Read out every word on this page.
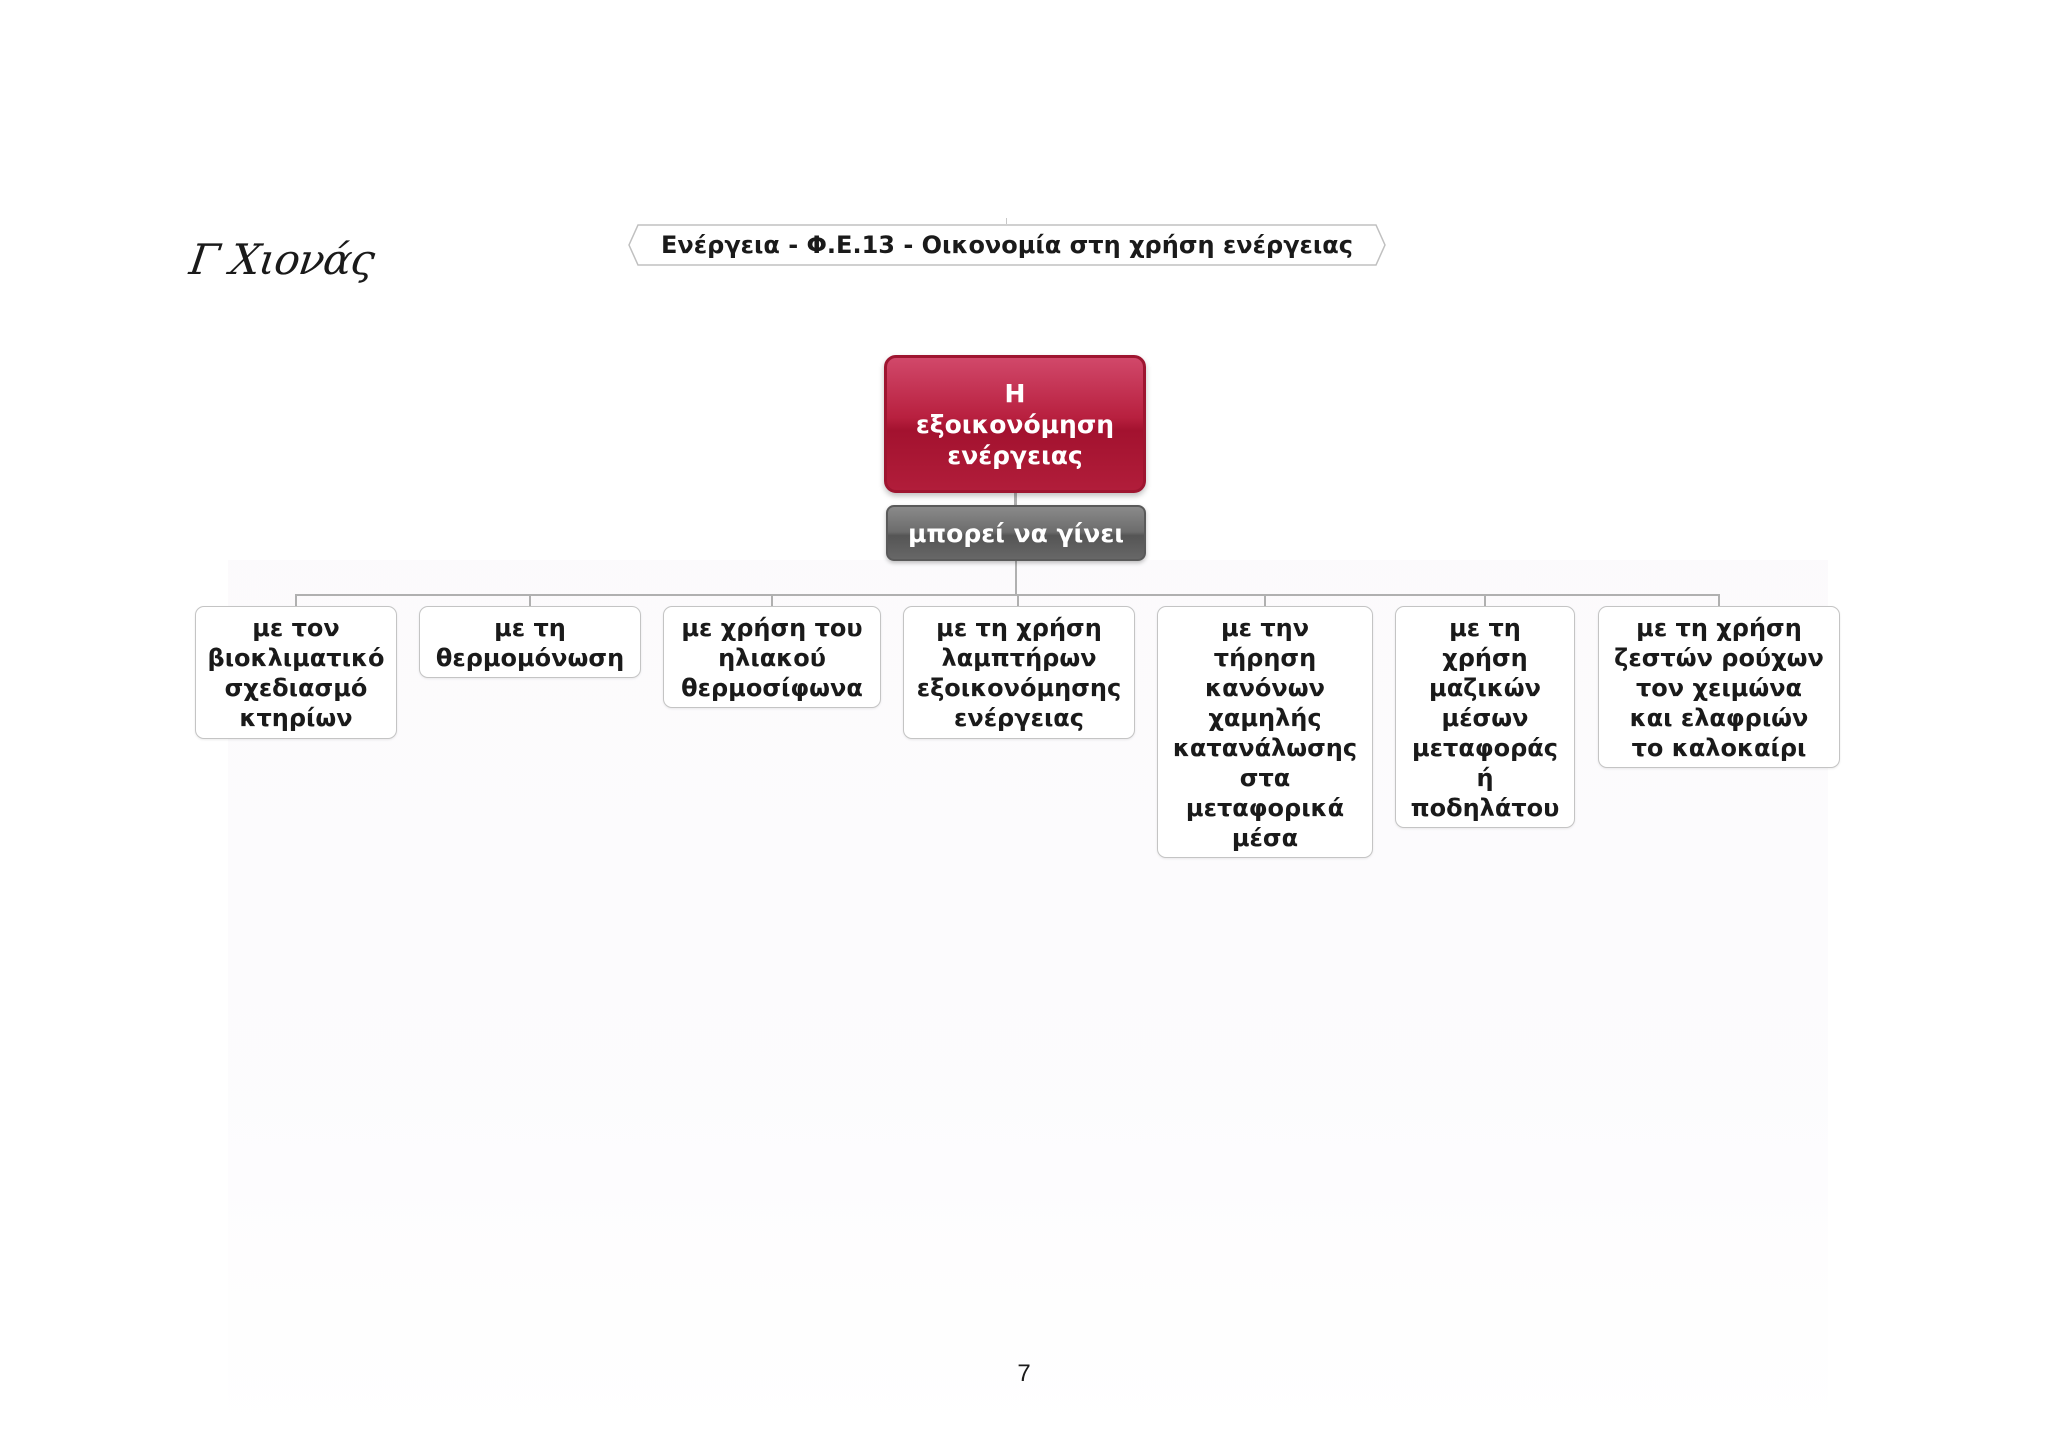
Γ Χιονάς	Ενέργεια - Φ.Ε.13 - Οικονομία στη χρήση ενέργειας
Η
εξοικονόμηση
ενέργειας
μπορεί να γίνει
με τον
βιοκλιματικό
σχεδιασμό
κτηρίων
με τη
θερμομόνωση
με χρήση του
ηλιακού
θερμοσίφωνα
με τη χρήση
λαμπτήρων
εξοικονόμησης
ενέργειας
με την
τήρηση
κανόνων
χαμηλής
κατανάλωσης
στα
μεταφορικά
μέσα
με τη
χρήση
μαζικών
μέσων
μεταφοράς
ή
ποδηλάτου
με τη χρήση
ζεστών ρούχων
τον χειμώνα
και ελαφριών
το καλοκαίρι
7
